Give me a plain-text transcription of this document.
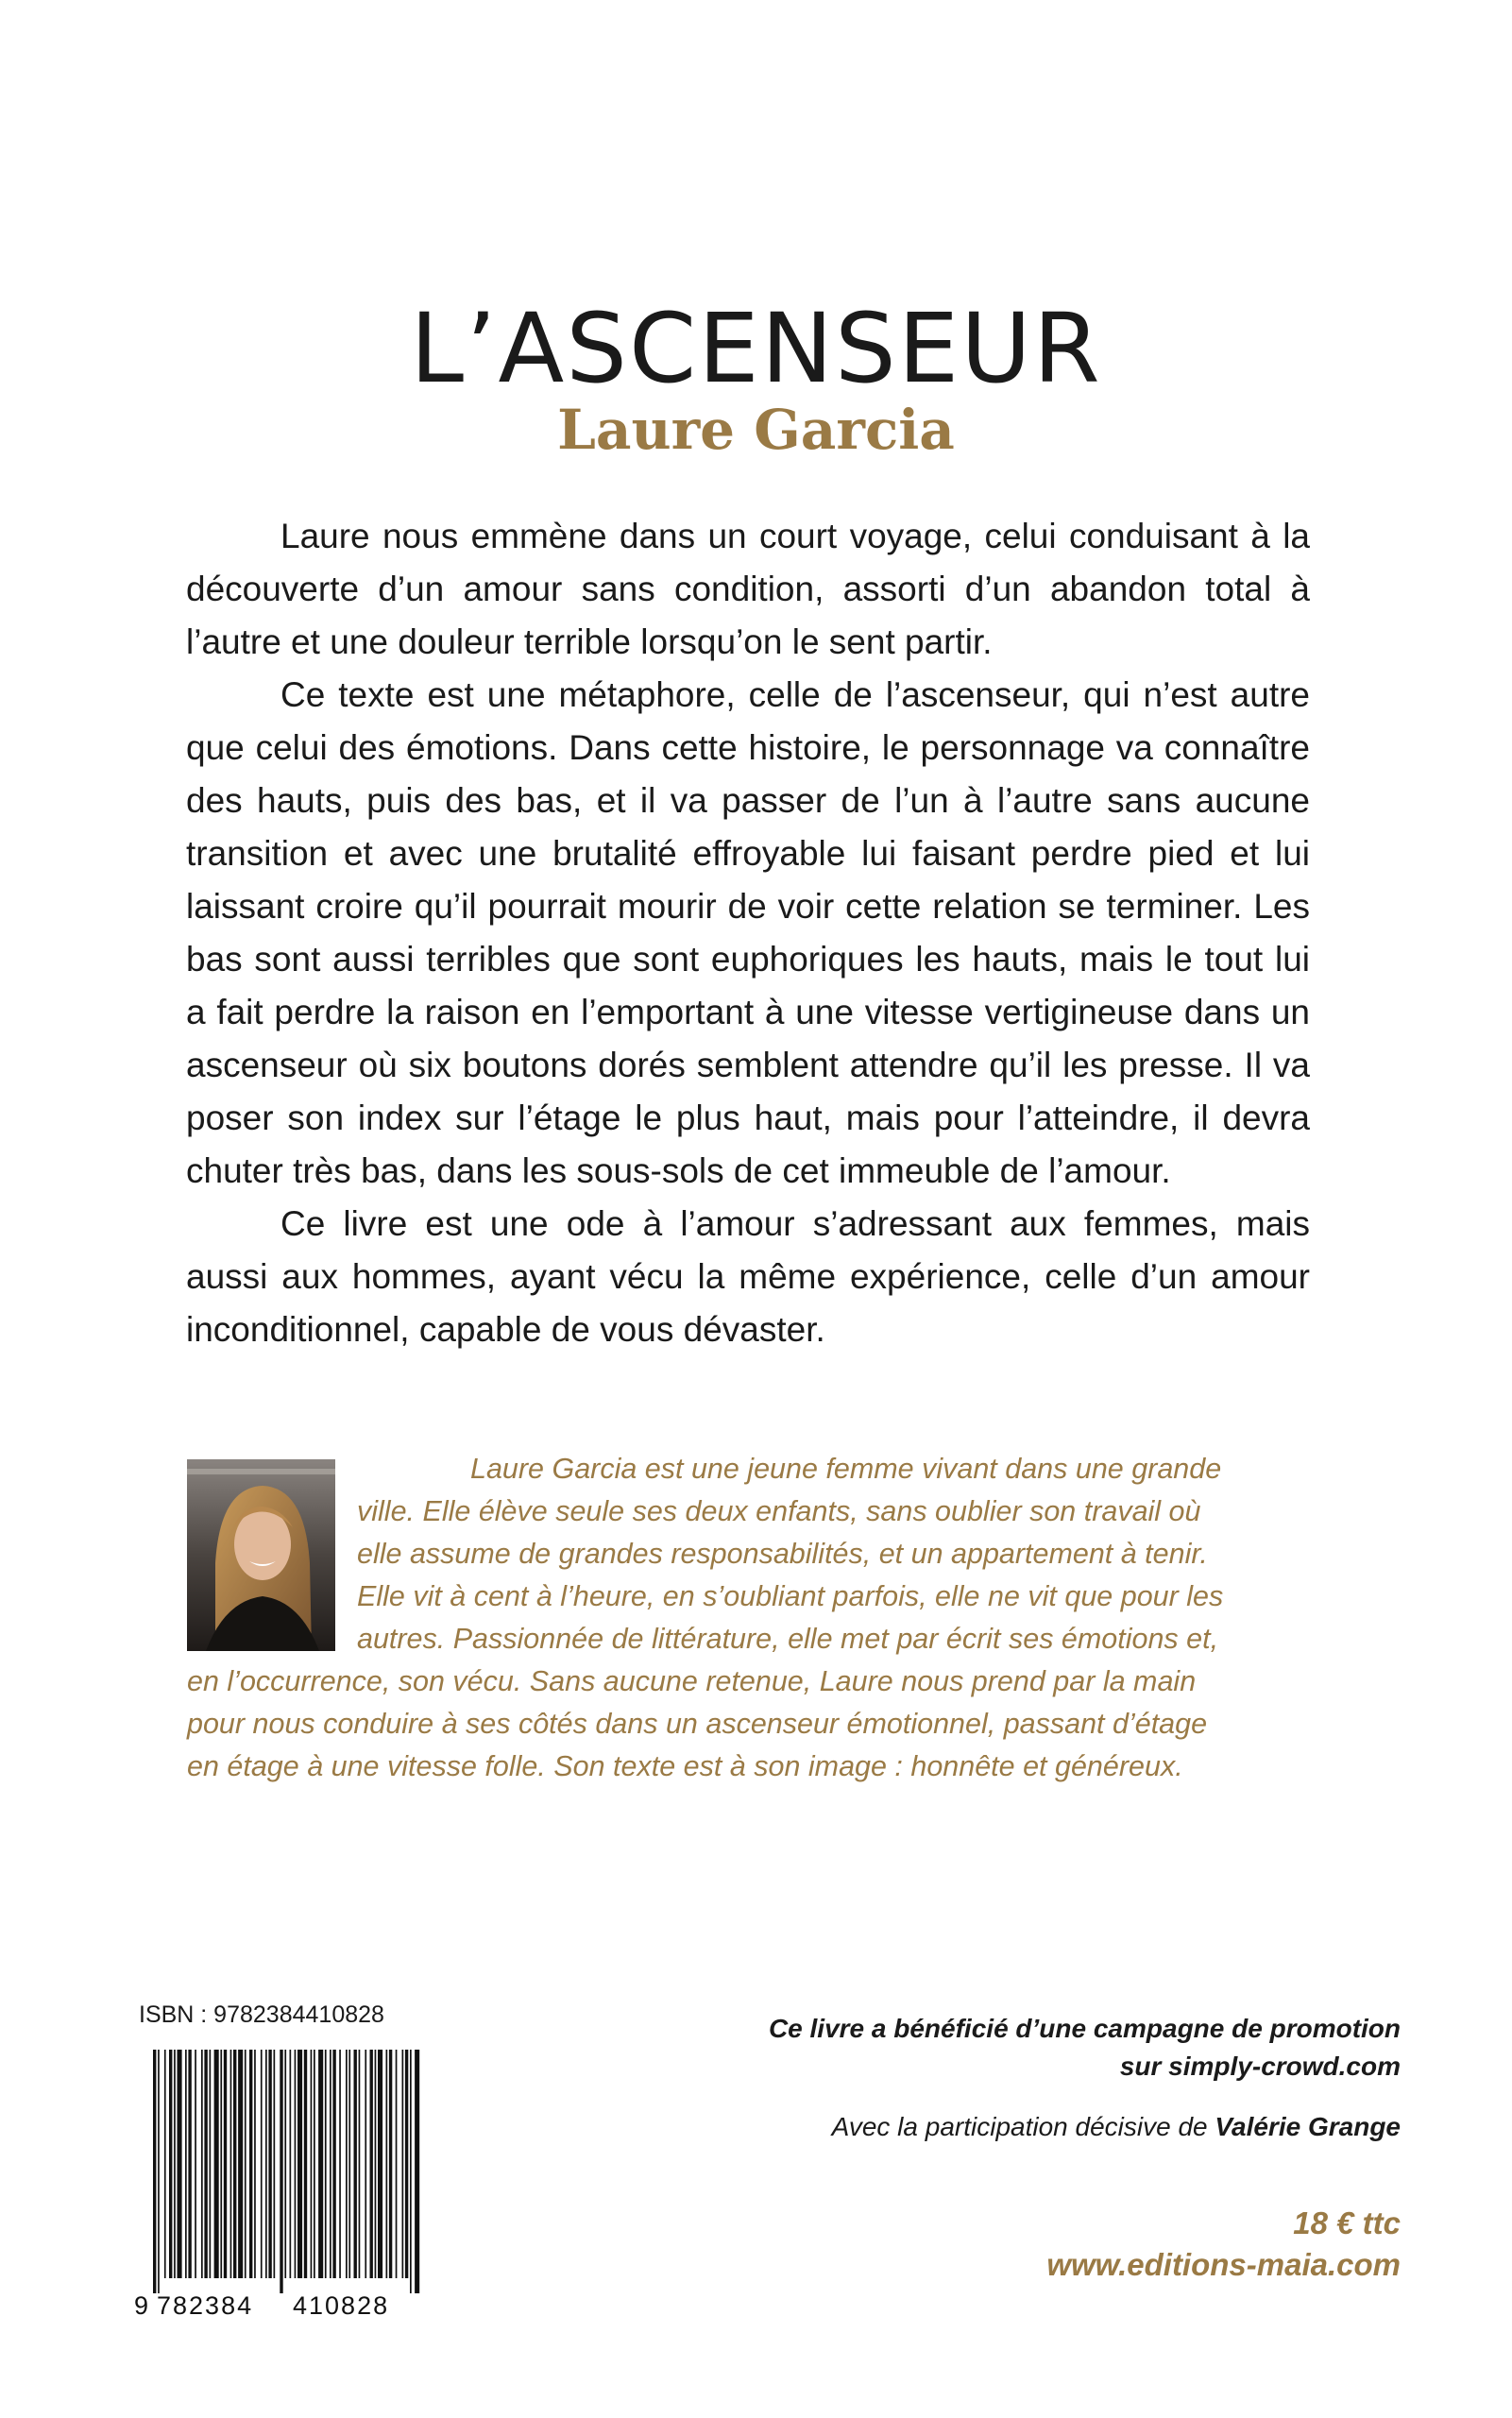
L’ASCENSEUR
Laure Garcia

Laure nous emmène dans un court voyage, celui conduisant à la découverte d’un amour sans condition, assorti d’un abandon total à l’autre et une douleur terrible lorsqu’on le sent partir.

Ce texte est une métaphore, celle de l’ascenseur, qui n’est autre que celui des émotions. Dans cette histoire, le personnage va connaître des hauts, puis des bas, et il va passer de l’un à l’autre sans aucune transition et avec une brutalité effroyable lui faisant perdre pied et lui laissant croire qu’il pourrait mourir de voir cette relation se terminer. Les bas sont aussi terribles que sont euphoriques les hauts, mais le tout lui a fait perdre la raison en l’emportant à une vitesse vertigineuse dans un ascenseur où six boutons dorés semblent attendre qu’il les presse. Il va poser son index sur l’étage le plus haut, mais pour l’atteindre, il devra chuter très bas, dans les sous-sols de cet immeuble de l’amour.

Ce livre est une ode à l’amour s’adressant aux femmes, mais aussi aux hommes, ayant vécu la même expérience, celle d’un amour inconditionnel, capable de vous dévaster.

Laure Garcia est une jeune femme vivant dans une grande
ville. Elle élève seule ses deux enfants, sans oublier son travail où
elle assume de grandes responsabilités, et un appartement à tenir.
Elle vit à cent à l’heure, en s’oubliant parfois, elle ne vit que pour les
autres. Passionnée de littérature, elle met par écrit ses émotions et,
en l’occurrence, son vécu. Sans aucune retenue, Laure nous prend par la main
pour nous conduire à ses côtés dans un ascenseur émotionnel, passant d’étage
en étage à une vitesse folle. Son texte est à son image : honnête et généreux.
ISBN : 9782384410828
9 782384 410828
Ce livre a bénéficié d’une campagne de promotion
sur simply-crowd.com
Avec la participation décisive de Valérie Grange
18 € ttc
www.editions-maia.com
